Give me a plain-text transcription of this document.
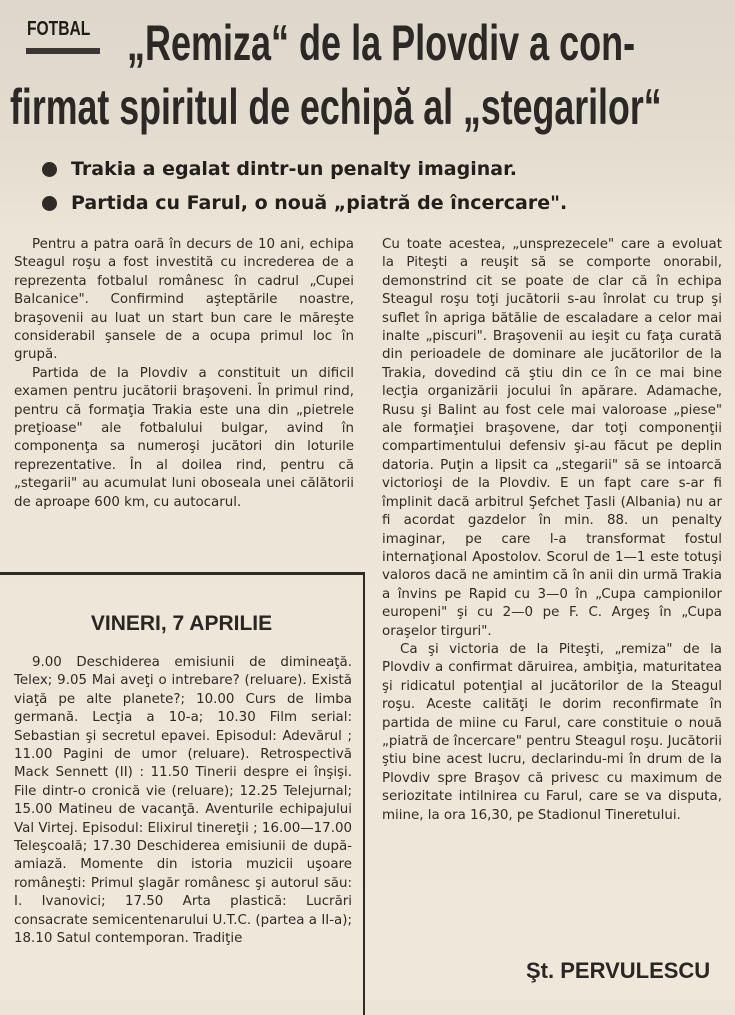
FOTBAL „Remiza“ de la Plovdiv a con-
firmat spiritul de echipă al „stegarilor“
Trakia a egalat dintr-un penalty imaginar.
Partida cu Farul, o nouă „piatră de încercare".

Pentru a patra oară în decurs de 10 ani, echipa Steagul roşu a fost investită cu increderea de a reprezenta fotbalul românesc în cadrul „Cupei Balcanice". Confirmind aşteptările noastre, braşovenii au luat un start bun care le măreşte considerabil şansele de a ocupa primul loc în grupă.

Partida de la Plovdiv a constituit un dificil examen pentru jucătorii braşoveni. În primul rind, pentru că formaţia Trakia este una din „pietrele preţioase" ale fotbalului bulgar, avind în componenţa sa numeroşi jucători din loturile reprezentative. În al doilea rind, pentru că „stegarii" au acumulat luni oboseala unei călătorii de aproape 600 km, cu autocarul.

VINERI, 7 APRILIE

9.00 Deschiderea emisiunii de dimineaţă. Telex; 9.05 Mai aveţi o intrebare? (reluare). Există viaţă pe alte planete?; 10.00 Curs de limba germană. Lecţia a 10-a; 10.30 Film serial: Sebastian şi secretul epavei. Episodul: Adevărul ; 11.00 Pagini de umor (reluare). Retrospectivă Mack Sennett (II) : 11.50 Tinerii despre ei înşişi. File dintr-o cronică vie (reluare); 12.25 Telejurnal; 15.00 Matineu de vacanţă. Aventurile echipajului Val Virtej. Episodul: Elixirul tinereţii ; 16.00—17.00 Teleşcoală; 17.30 Deschiderea emisiunii de după-amiază. Momente din istoria muzicii uşoare româneşti: Primul şlagăr românesc şi autorul său: I. Ivanovici; 17.50 Arta plastică: Lucrări consacrate semicentenarului U.T.C. (partea a II-a); 18.10 Satul contemporan. Tradiţie

Cu toate acestea, „unsprezecele" care a evoluat la Piteşti a reuşit să se comporte onorabil, demonstrind cit se poate de clar că în echipa Steagul roşu toţi jucătorii s-au înrolat cu trup şi suflet în apriga bătălie de escaladare a celor mai inalte „piscuri". Braşovenii au ieşit cu faţa curată din perioadele de dominare ale jucătorilor de la Trakia, dovedind că ştiu din ce în ce mai bine lecţia organizării jocului în apărare. Adamache, Rusu şi Balint au fost cele mai valoroase „piese" ale formaţiei braşovene, dar toţi componenţii compartimentului defensiv şi-au făcut pe deplin datoria. Puţin a lipsit ca „stegarii" să se intoarcă victorioşi de la Plovdiv. E un fapt care s-ar fi împlinit dacă arbitrul Şefchet Ţasli (Albania) nu ar fi acordat gazdelor în min. 88. un penalty imaginar, pe care l-a transformat fostul internaţional Apostolov. Scorul de 1—1 este totuşi valoros dacă ne amintim că în anii din urmă Trakia a învins pe Rapid cu 3—0 în „Cupa campionilor europeni" şi cu 2—0 pe F. C. Argeş în „Cupa oraşelor tirguri".

Ca şi victoria de la Piteşti, „remiza" de la Plovdiv a confirmat dăruirea, ambiţia, maturitatea şi ridicatul potenţial al jucătorilor de la Steagul roşu. Aceste calităţi le dorim reconfirmate în partida de miine cu Farul, care constituie o nouă „piatră de încercare" pentru Steagul roşu. Jucătorii ştiu bine acest lucru, declarindu-mi în drum de la Plovdiv spre Braşov că privesc cu maximum de seriozitate intilnirea cu Farul, care se va disputa, miine, la ora 16,30, pe Stadionul Tineretului.

Şt. PERVULESCU
